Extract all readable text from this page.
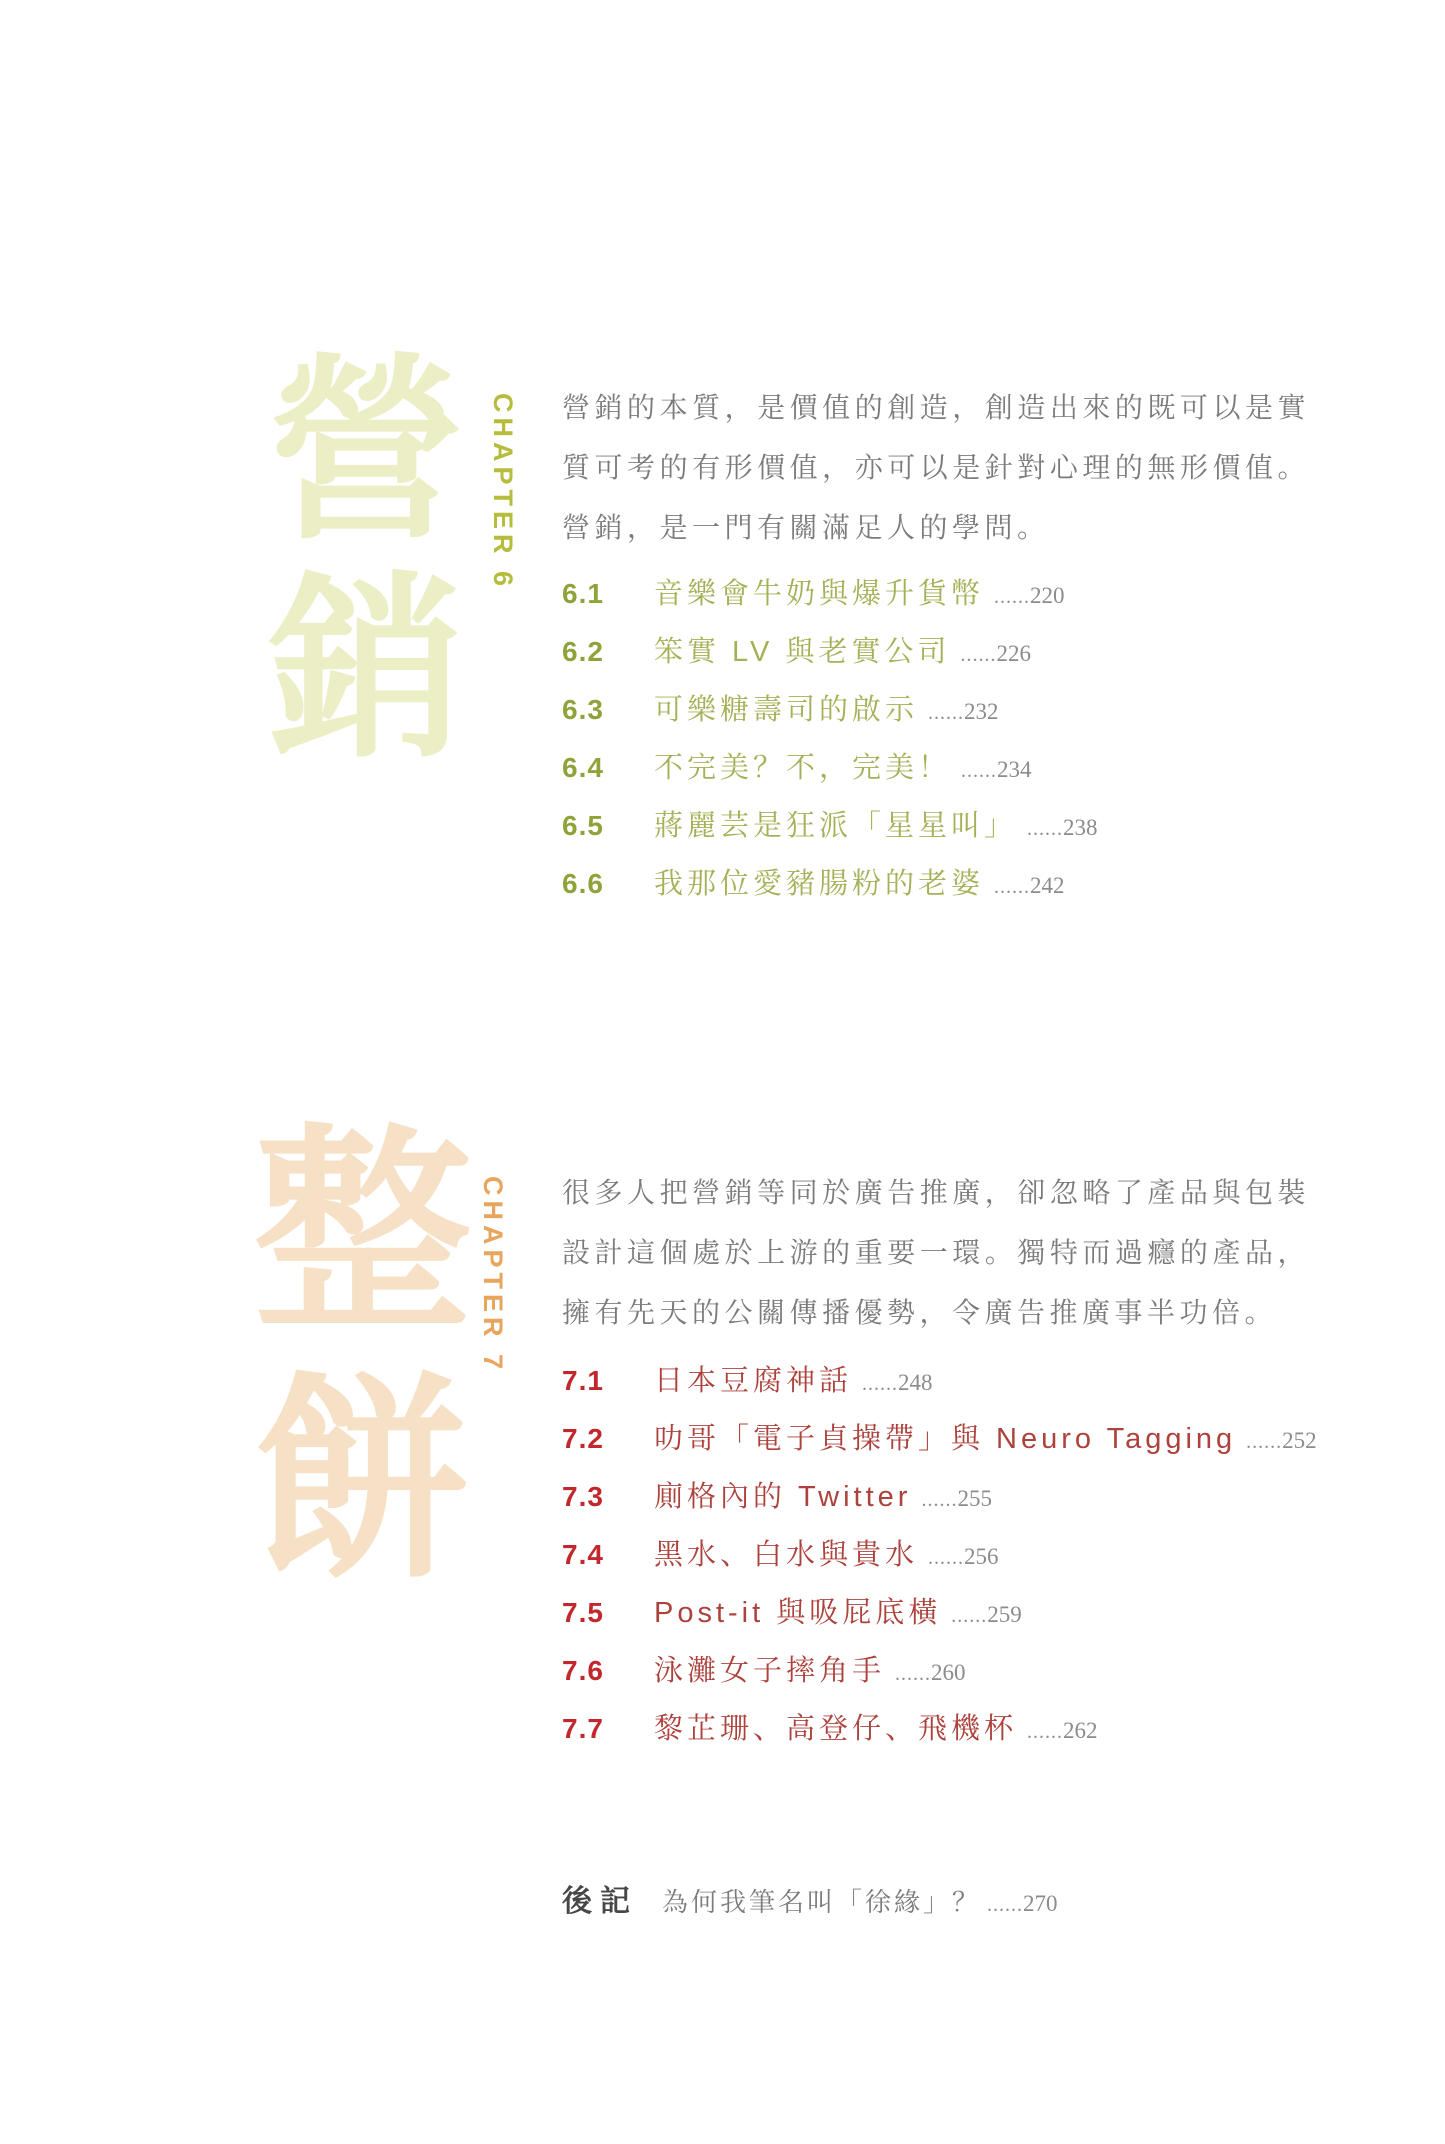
營
銷
CHAPTER 6 營銷的本質，是價值的創造，創造出來的既可以是實質可考的有形價值，亦可以是針對心理的無形價值。營銷，是一門有關滿足人的學問。

6.1	音樂會牛奶與爆升貨幣 ......220
6.2	笨實 LV 與老實公司 ......226
6.3	可樂糖壽司的啟示 ......232
6.4	不完美？不，完美！ ......234
6.5	蔣麗芸是狂派「星星叫」 ......238
6.6	我那位愛豬腸粉的老婆 ......242
整
餅
CHAPTER 7 很多人把營銷等同於廣告推廣，卻忽略了產品與包裝設計這個處於上游的重要一環。獨特而過癮的產品，擁有先天的公關傳播優勢，令廣告推廣事半功倍。

7.1	日本豆腐神話 ......248
7.2	叻哥「電子貞操帶」與 Neuro Tagging ......252
7.3	廁格內的 Twitter ......255
7.4	黑水、白水與貴水 ......256
7.5	Post-it 與吸屁底橫 ......259
7.6	泳灘女子摔角手 ......260
7.7	黎芷珊、高登仔、飛機杯 ......262
後記 為何我筆名叫「徐緣」？ ......270
